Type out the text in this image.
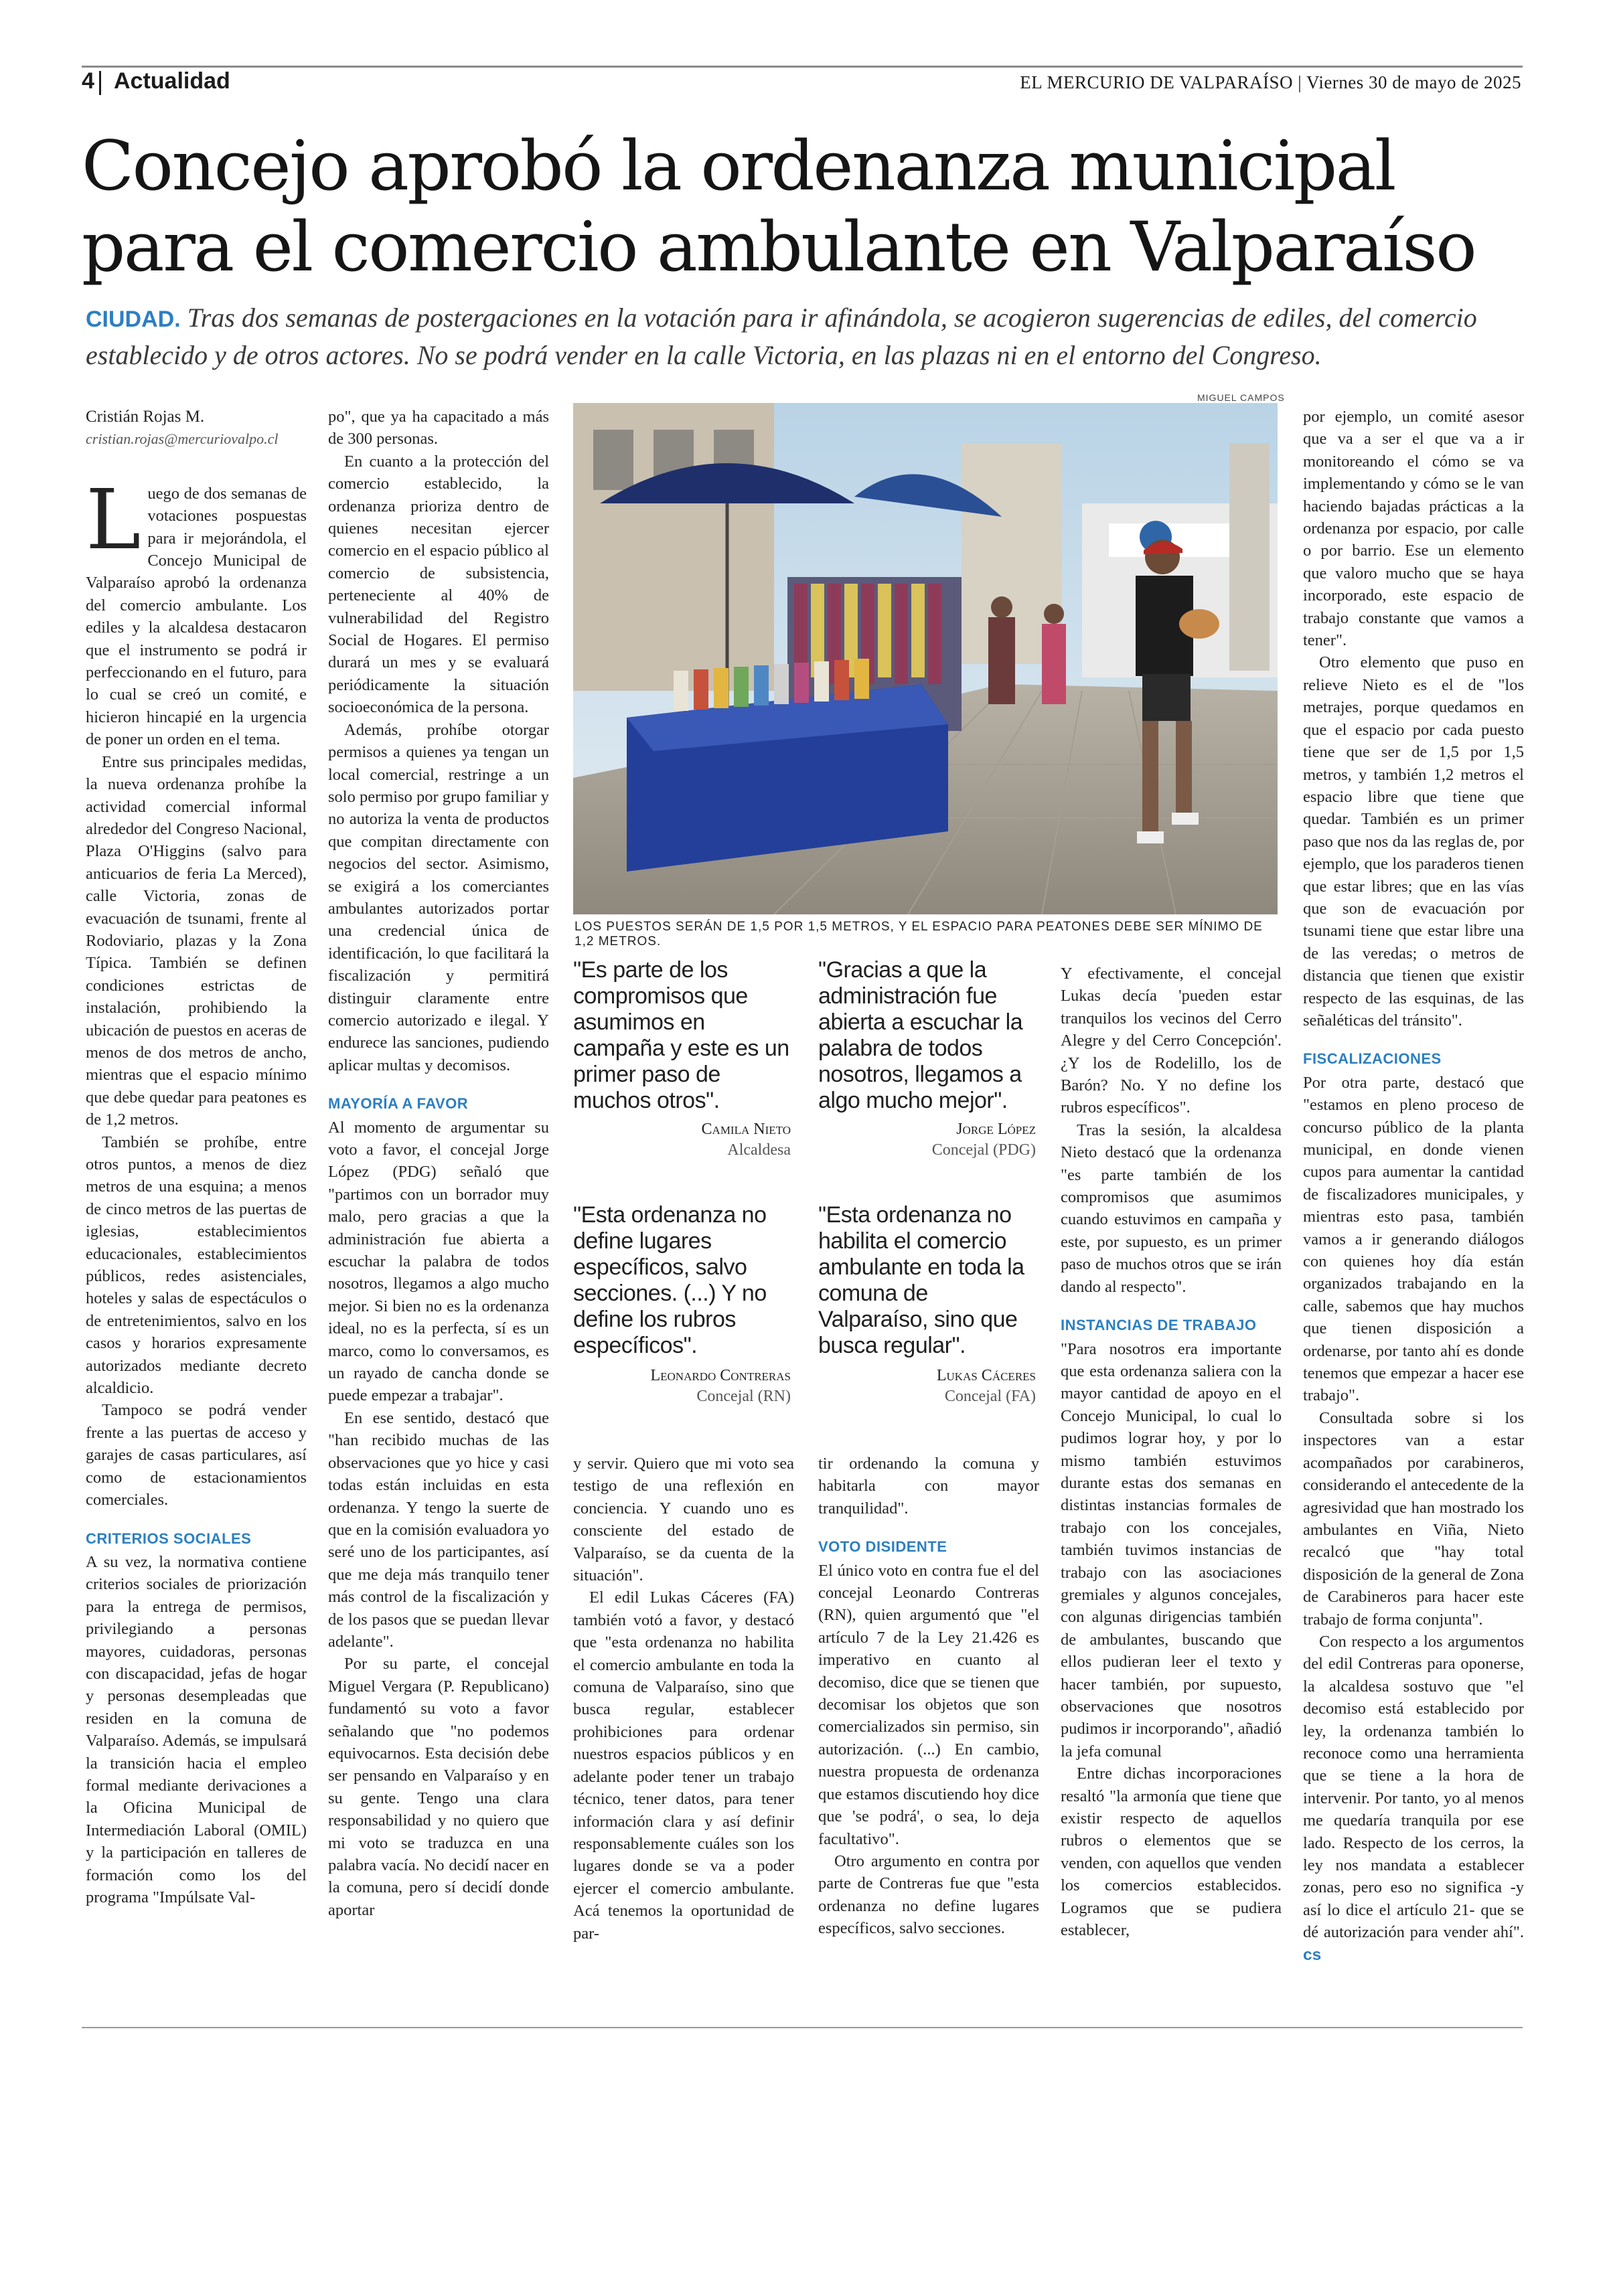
4 Actualidad	EL MERCURIO DE VALPARAÍSO | Viernes 30 de mayo de 2025
Concejo aprobó la ordenanza municipal para el comercio ambulante en Valparaíso
CIUDAD. Tras dos semanas de postergaciones en la votación para ir afinándola, se acogieron sugerencias de ediles, del comercio establecido y de otros actores. No se podrá vender en la calle Victoria, en las plazas ni en el entorno del Congreso.

Cristián Rojas M.

cristian.rojas@mercuriovalpo.cl

Luego de dos semanas de votaciones pospuestas para ir mejorándola, el Concejo Municipal de Valparaíso aprobó la ordenanza del comercio ambulante. Los ediles y la alcaldesa destacaron que el instrumento se podrá ir perfeccionando en el futuro, para lo cual se creó un comité, e hicieron hincapié en la urgencia de poner un orden en el tema.

Entre sus principales medidas, la nueva ordenanza prohíbe la actividad comercial informal alrededor del Congreso Nacional, Plaza O'Higgins (salvo para anticuarios de feria La Merced), calle Victoria, zonas de evacuación de tsunami, frente al Rodoviario, plazas y la Zona Típica. También se definen condiciones estrictas de instalación, prohibiendo la ubicación de puestos en aceras de menos de dos metros de ancho, mientras que el espacio mínimo que debe quedar para peatones es de 1,2 metros.

También se prohíbe, entre otros puntos, a menos de diez metros de una esquina; a menos de cinco metros de las puertas de iglesias, establecimientos educacionales, establecimientos públicos, redes asistenciales, hoteles y salas de espectáculos o de entretenimientos, salvo en los casos y horarios expresamente autorizados mediante decreto alcaldicio.

Tampoco se podrá vender frente a las puertas de acceso y garajes de casas particulares, así como de estacionamientos comerciales.

CRITERIOS SOCIALES

A su vez, la normativa contiene criterios sociales de priorización para la entrega de permisos, privilegiando a personas mayores, cuidadoras, personas con discapacidad, jefas de hogar y personas desempleadas que residen en la comuna de Valparaíso. Además, se impulsará la transición hacia el empleo formal mediante derivaciones a la Oficina Municipal de Intermediación Laboral (OMIL) y la participación en talleres de formación como los del programa "Impúlsate Val-

po", que ya ha capacitado a más de 300 personas.

En cuanto a la protección del comercio establecido, la ordenanza prioriza dentro de quienes necesitan ejercer comercio en el espacio público al comercio de subsistencia, perteneciente al 40% de vulnerabilidad del Registro Social de Hogares. El permiso durará un mes y se evaluará periódicamente la situación socioeconómica de la persona.

Además, prohíbe otorgar permisos a quienes ya tengan un local comercial, restringe a un solo permiso por grupo familiar y no autoriza la venta de productos que compitan directamente con negocios del sector. Asimismo, se exigirá a los comerciantes ambulantes autorizados portar una credencial única de identificación, lo que facilitará la fiscalización y permitirá distinguir claramente entre comercio autorizado e ilegal. Y endurece las sanciones, pudiendo aplicar multas y decomisos.

MAYORÍA A FAVOR

Al momento de argumentar su voto a favor, el concejal Jorge López (PDG) señaló que "partimos con un borrador muy malo, pero gracias a que la administración fue abierta a escuchar la palabra de todos nosotros, llegamos a algo mucho mejor. Si bien no es la ordenanza ideal, no es la perfecta, sí es un marco, como lo conversamos, es un rayado de cancha donde se puede empezar a trabajar".

En ese sentido, destacó que "han recibido muchas de las observaciones que yo hice y casi todas están incluidas en esta ordenanza. Y tengo la suerte de que en la comisión evaluadora yo seré uno de los participantes, así que me deja más tranquilo tener más control de la fiscalización y de los pasos que se puedan llevar adelante".

Por su parte, el concejal Miguel Vergara (P. Republicano) fundamentó su voto a favor señalando que "no podemos equivocarnos. Esta decisión debe ser pensando en Valparaíso y en su gente. Tengo una clara responsabilidad y no quiero que mi voto se traduzca en una palabra vacía. No decidí nacer en la comuna, pero sí decidí donde aportar

MIGUEL CAMPOS
LOS PUESTOS SERÁN DE 1,5 POR 1,5 METROS, Y EL ESPACIO PARA PEATONES DEBE SER MÍNIMO DE 1,2 METROS.
"Es parte de los compromisos que asumimos en campaña y este es un primer paso de muchos otros".
Camila Nieto
Alcaldesa
"Gracias a que la administración fue abierta a escuchar la palabra de todos nosotros, llegamos a algo mucho mejor".
Jorge López
Concejal (PDG)
"Esta ordenanza no define lugares específicos, salvo secciones. (...) Y no define los rubros específicos".
Leonardo Contreras
Concejal (RN)
"Esta ordenanza no habilita el comercio ambulante en toda la comuna de Valparaíso, sino que busca regular".
Lukas Cáceres
Concejal (FA)

y servir. Quiero que mi voto sea testigo de una reflexión en conciencia. Y cuando uno es consciente del estado de Valparaíso, se da cuenta de la situación".

El edil Lukas Cáceres (FA) también votó a favor, y destacó que "esta ordenanza no habilita el comercio ambulante en toda la comuna de Valparaíso, sino que busca regular, establecer prohibiciones para ordenar nuestros espacios públicos y en adelante poder tener un trabajo técnico, tener datos, para tener información clara y así definir responsablemente cuáles son los lugares donde se va a poder ejercer el comercio ambulante. Acá tenemos la oportunidad de par-

tir ordenando la comuna y habitarla con mayor tranquilidad".

VOTO DISIDENTE

El único voto en contra fue el del concejal Leonardo Contreras (RN), quien argumentó que "el artículo 7 de la Ley 21.426 es imperativo en cuanto al decomiso, dice que se tienen que decomisar los objetos que son comercializados sin permiso, sin autorización. (...) En cambio, nuestra propuesta de ordenanza que estamos discutiendo hoy dice que 'se podrá', o sea, lo deja facultativo".

Otro argumento en contra por parte de Contreras fue que "esta ordenanza no define lugares específicos, salvo secciones.

Y efectivamente, el concejal Lukas decía 'pueden estar tranquilos los vecinos del Cerro Alegre y del Cerro Concepción'. ¿Y los de Rodelillo, los de Barón? No. Y no define los rubros específicos".

Tras la sesión, la alcaldesa Nieto destacó que la ordenanza "es parte también de los compromisos que asumimos cuando estuvimos en campaña y este, por supuesto, es un primer paso de muchos otros que se irán dando al respecto".

INSTANCIAS DE TRABAJO

"Para nosotros era importante que esta ordenanza saliera con la mayor cantidad de apoyo en el Concejo Municipal, lo cual lo pudimos lograr hoy, y por lo mismo también estuvimos durante estas dos semanas en distintas instancias formales de trabajo con los concejales, también tuvimos instancias de trabajo con las asociaciones gremiales y algunos concejales, con algunas dirigencias también de ambulantes, buscando que ellos pudieran leer el texto y hacer también, por supuesto, observaciones que nosotros pudimos ir incorporando", añadió la jefa comunal

Entre dichas incorporaciones resaltó "la armonía que tiene que existir respecto de aquellos rubros o elementos que se venden, con aquellos que venden los comercios establecidos. Logramos que se pudiera establecer,

por ejemplo, un comité asesor que va a ser el que va a ir monitoreando el cómo se va implementando y cómo se le van haciendo bajadas prácticas a la ordenanza por espacio, por calle o por barrio. Ese un elemento que valoro mucho que se haya incorporado, este espacio de trabajo constante que vamos a tener".

Otro elemento que puso en relieve Nieto es el de "los metrajes, porque quedamos en que el espacio por cada puesto tiene que ser de 1,5 por 1,5 metros, y también 1,2 metros el espacio libre que tiene que quedar. También es un primer paso que nos da las reglas de, por ejemplo, que los paraderos tienen que estar libres; que en las vías que son de evacuación por tsunami tiene que estar libre una de las veredas; o metros de distancia que tienen que existir respecto de las esquinas, de las señaléticas del tránsito".

FISCALIZACIONES

Por otra parte, destacó que "estamos en pleno proceso de concurso público de la planta municipal, en donde vienen cupos para aumentar la cantidad de fiscalizadores municipales, y mientras esto pasa, también vamos a ir generando diálogos con quienes hoy día están organizados trabajando en la calle, sabemos que hay muchos que tienen disposición a ordenarse, por tanto ahí es donde tenemos que empezar a hacer ese trabajo".

Consultada sobre si los inspectores van a estar acompañados por carabineros, considerando el antecedente de la agresividad que han mostrado los ambulantes en Viña, Nieto recalcó que "hay total disposición de la general de Zona de Carabineros para hacer este trabajo de forma conjunta".

Con respecto a los argumentos del edil Contreras para oponerse, la alcaldesa sostuvo que "el decomiso está establecido por ley, la ordenanza también lo reconoce como una herramienta que se tiene a la hora de intervenir. Por tanto, yo al menos me quedaría tranquila por ese lado. Respecto de los cerros, la ley nos mandata a establecer zonas, pero eso no significa -y así lo dice el artículo 21- que se dé autorización para vender ahí". cs
